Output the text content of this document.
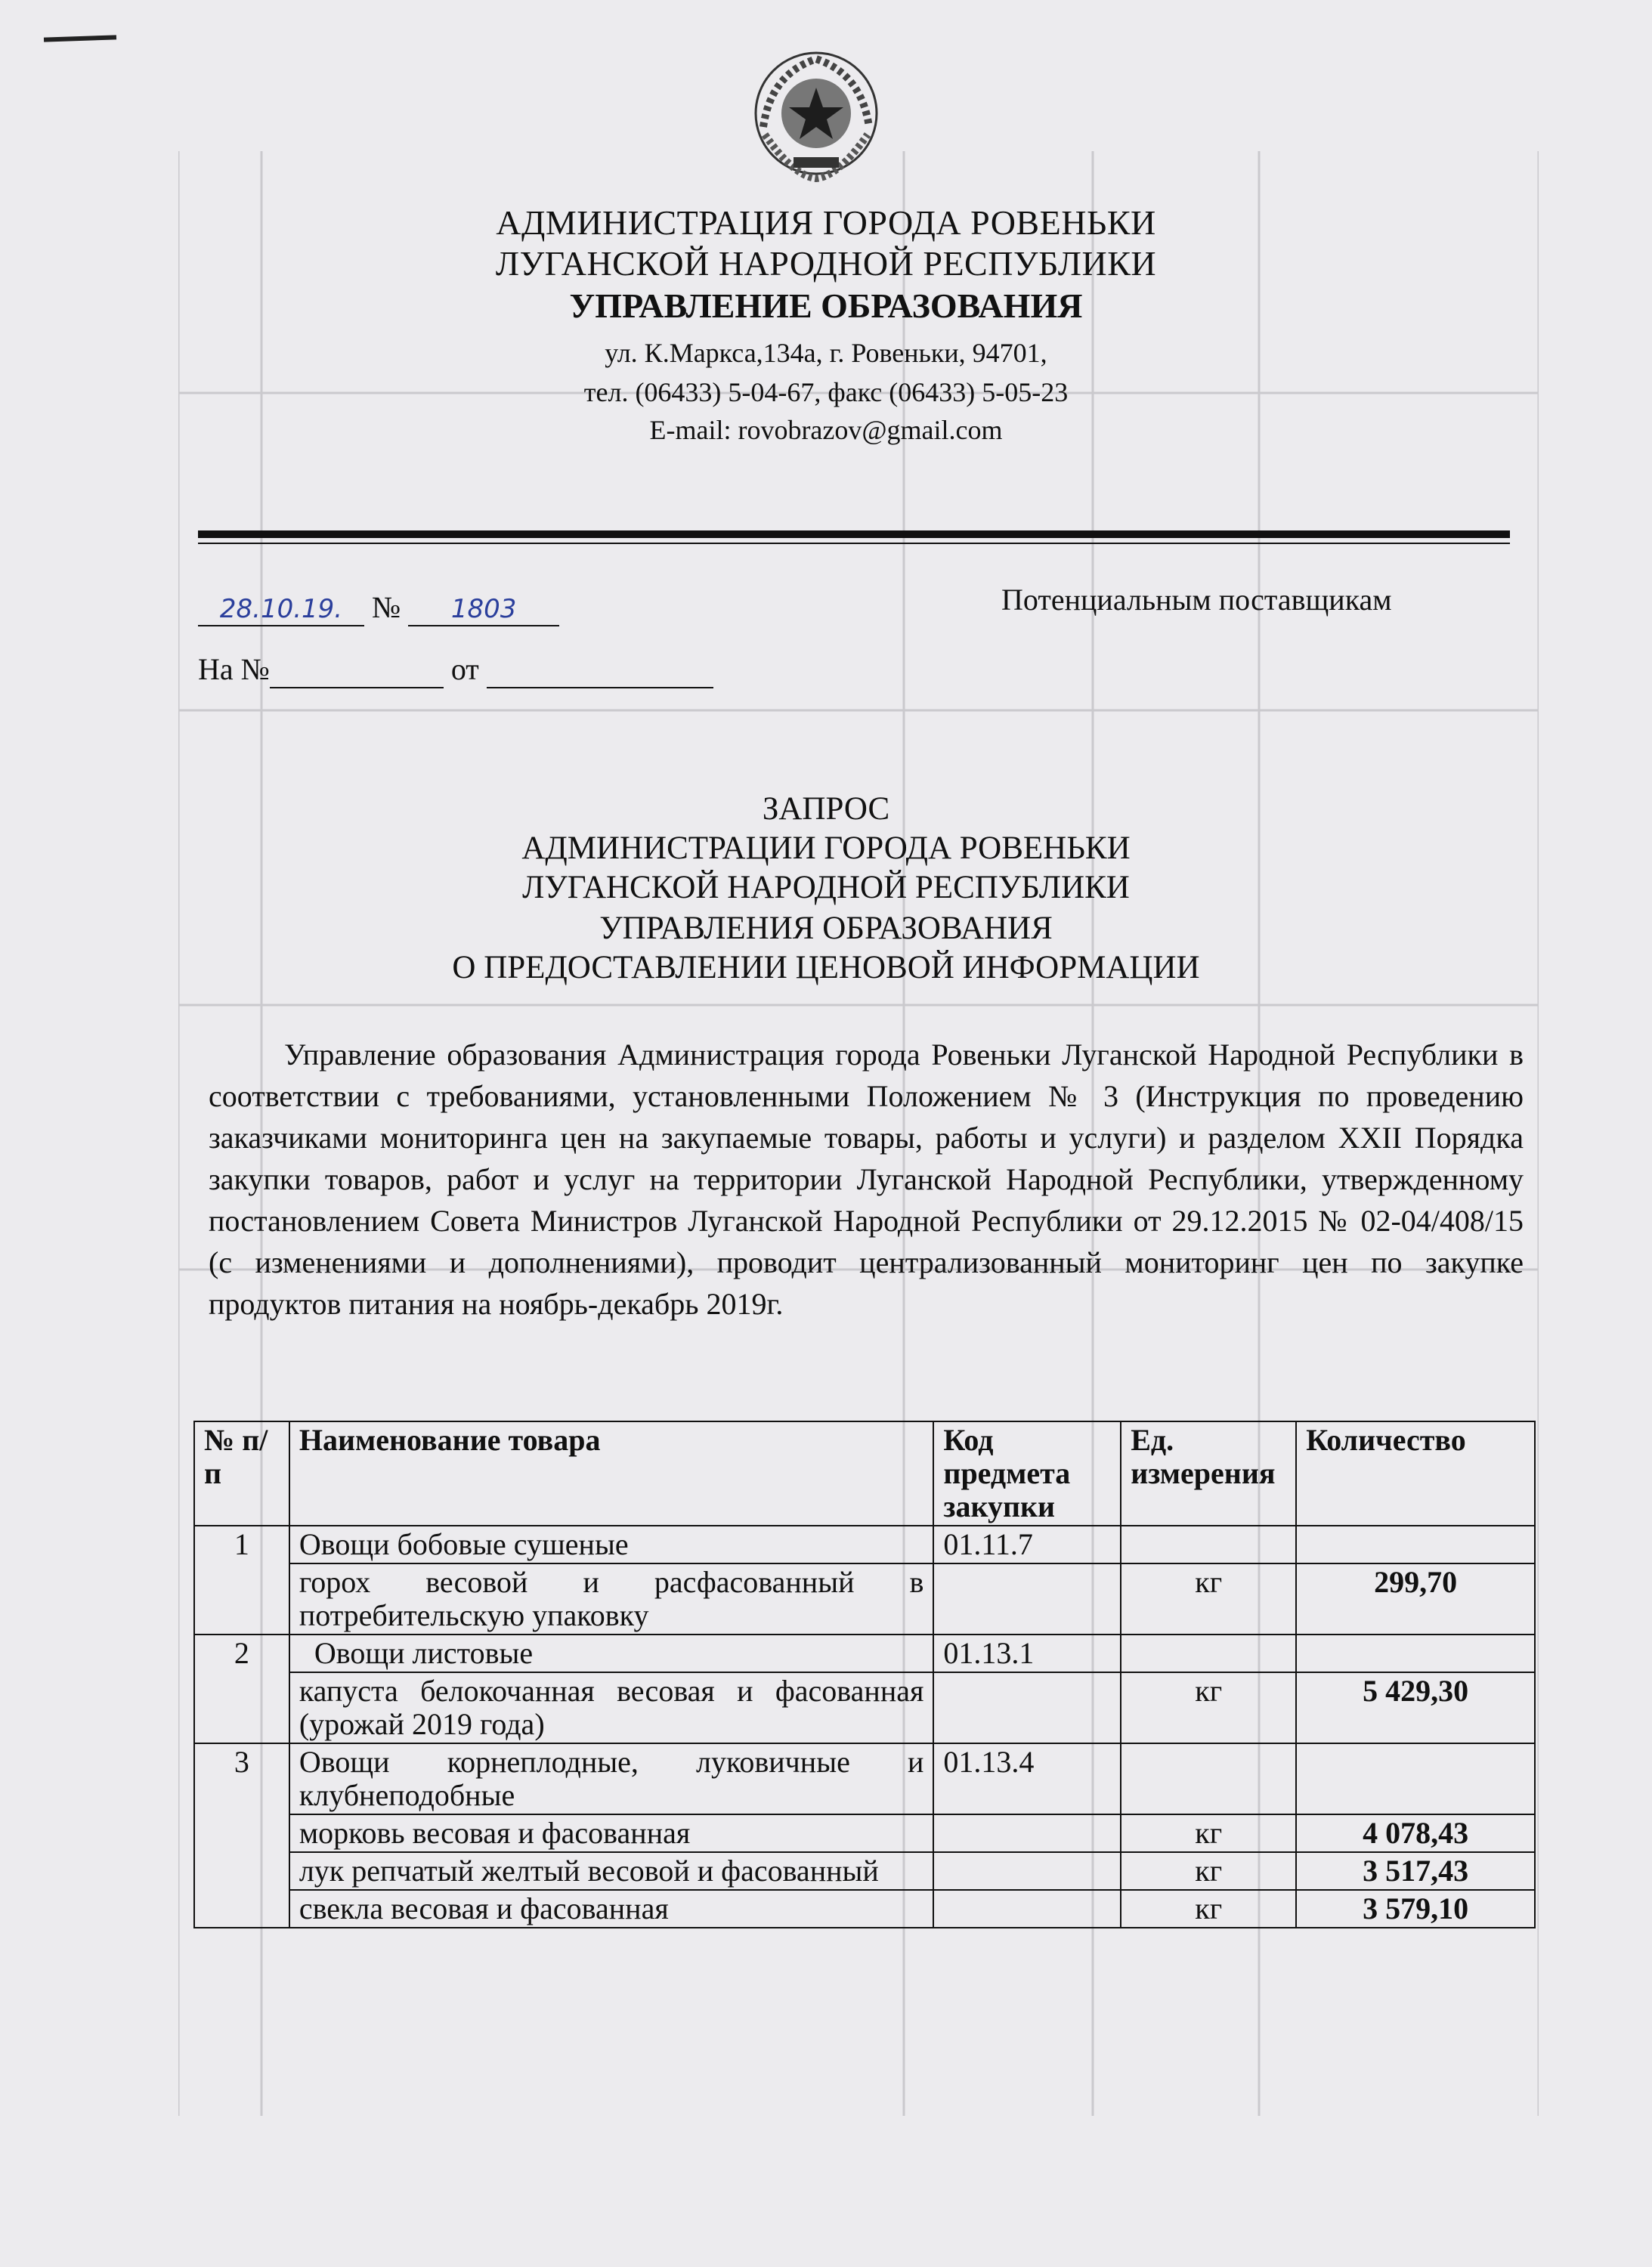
АДМИНИСТРАЦИЯ ГОРОДА РОВЕНЬКИ
ЛУГАНСКОЙ НАРОДНОЙ РЕСПУБЛИКИ
УПРАВЛЕНИЕ ОБРАЗОВАНИЯ
ул. К.Маркса,134а, г. Ровеньки, 94701,
тел. (06433) 5-04-67, факс (06433) 5-05-23
E-mail: rovobrazov@gmail.com
28.10.19. № 1803	Потенциальным поставщикам
На №	от
ЗАПРОС
АДМИНИСТРАЦИИ ГОРОДА РОВЕНЬКИ
ЛУГАНСКОЙ НАРОДНОЙ РЕСПУБЛИКИ
УПРАВЛЕНИЯ ОБРАЗОВАНИЯ
О ПРЕДОСТАВЛЕНИИ ЦЕНОВОЙ ИНФОРМАЦИИ
Управление образования Администрация города Ровеньки Луганской Народной Республики в соответствии с требованиями, установленными Положением № 3 (Инструкция по проведению заказчиками мониторинга цен на закупаемые товары, работы и услуги) и разделом XXII Порядка закупки товаров, работ и услуг на территории Луганской Народной Республики, утвержденному постановлением Совета Министров Луганской Народной Республики от 29.12.2015 № 02-04/408/15 (с изменениями и дополнениями), проводит централизованный мониторинг цен по закупке продуктов питания на ноябрь-декабрь 2019г.
№ п/п	Наименование товара	Код предмета закупки	Ед. измерения	Количество
1	Овощи бобовые сушеные	01.11.7		
	горох весовой и расфасованный в потребительскую упаковку		кг	299,70
2	Овощи листовые	01.13.1		
	капуста белокочанная весовая и фасованная (урожай 2019 года)		кг	5 429,30
3	Овощи корнеплодные, луковичные и клубнеподобные	01.13.4		
	морковь весовая и фасованная		кг	4 078,43
	лук репчатый желтый весовой и фасованный		кг	3 517,43
	свекла весовая и фасованная		кг	3 579,10
